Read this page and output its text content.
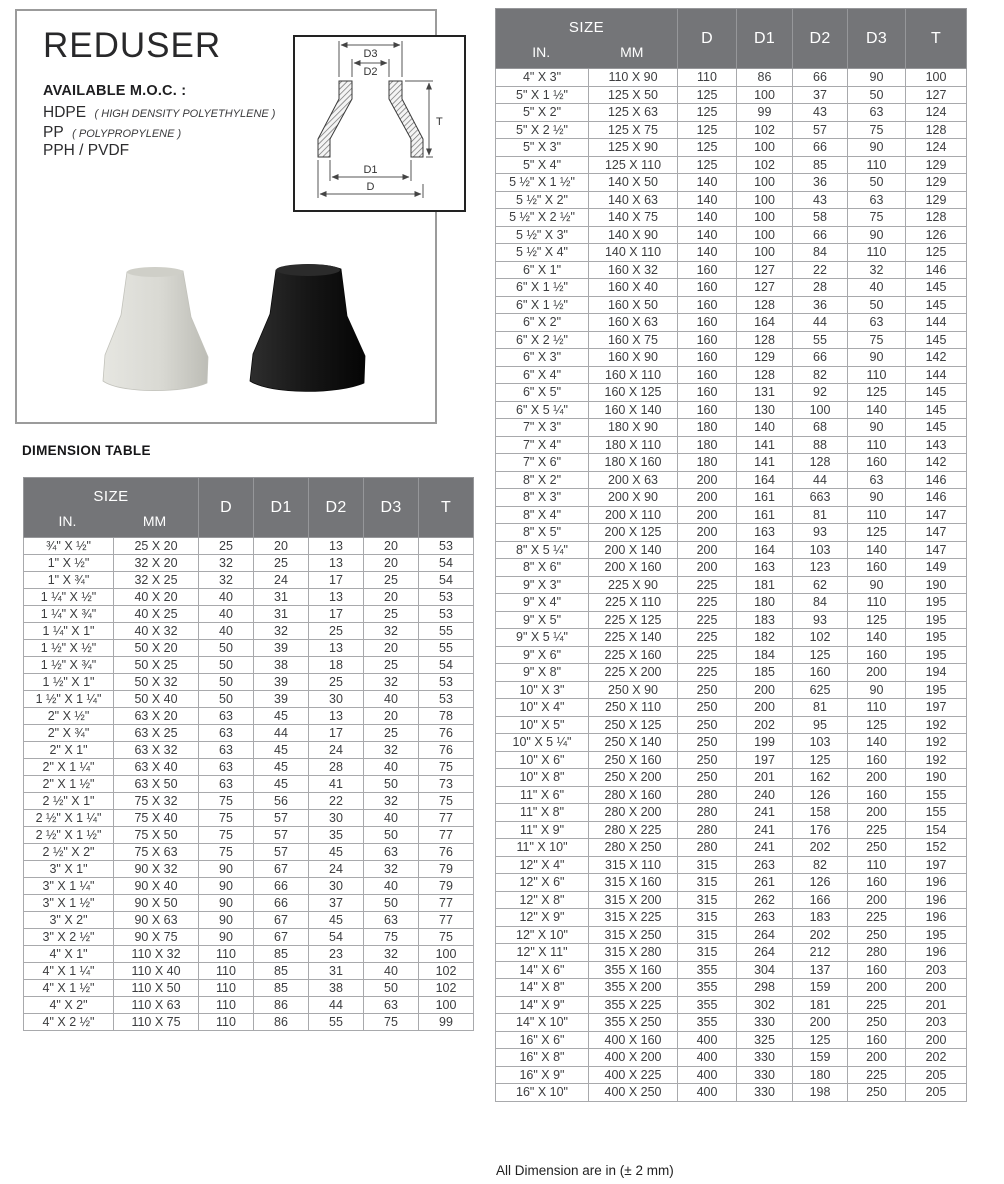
REDUSER
AVAILABLE M.O.C. :
HDPE ( HIGH DENSITY POLYETHYLENE )
PP ( POLYPROPYLENE )
PPH / PVDF
D3
D2
T
D1
D
DIMENSION TABLE
SIZE
IN. MM		D	D1	D2	D3	T
¾" X ½"	25 X 20	25	20	13	20	53
1" X ½"	32 X 20	32	25	13	20	54
1" X ¾"	32 X 25	32	24	17	25	54
1 ¼" X ½"	40 X 20	40	31	13	20	53
1 ¼" X ¾"	40 X 25	40	31	17	25	53
1 ¼" X 1"	40 X 32	40	32	25	32	55
1 ½" X ½"	50 X 20	50	39	13	20	55
1 ½" X ¾"	50 X 25	50	38	18	25	54
1 ½" X 1"	50 X 32	50	39	25	32	53
1 ½" X 1 ¼"	50 X 40	50	39	30	40	53
2" X ½"	63 X 20	63	45	13	20	78
2" X ¾"	63 X 25	63	44	17	25	76
2" X 1"	63 X 32	63	45	24	32	76
2" X 1 ¼"	63 X 40	63	45	28	40	75
2" X 1 ½"	63 X 50	63	45	41	50	73
2 ½" X 1"	75 X 32	75	56	22	32	75
2 ½" X 1 ¼"	75 X 40	75	57	30	40	77
2 ½" X 1 ½"	75 X 50	75	57	35	50	77
2 ½" X 2"	75 X 63	75	57	45	63	76
3" X 1"	90 X 32	90	67	24	32	79
3" X 1 ¼"	90 X 40	90	66	30	40	79
3" X 1 ½"	90 X 50	90	66	37	50	77
3" X 2"	90 X 63	90	67	45	63	77
3" X 2 ½"	90 X 75	90	67	54	75	75
4" X 1"	110 X 32	110	85	23	32	100
4" X 1 ¼"	110 X 40	110	85	31	40	102
4" X 1 ½"	110 X 50	110	85	38	50	102
4" X 2"	110 X 63	110	86	44	63	100
4" X 2 ½"	110 X 75	110	86	55	75	99
SIZE
IN. MM		D	D1	D2	D3	T
4" X 3"	110 X 90	110	86	66	90	100
5" X 1 ½"	125 X 50	125	100	37	50	127
5" X 2"	125 X 63	125	99	43	63	124
5" X 2 ½"	125 X 75	125	102	57	75	128
5" X 3"	125 X 90	125	100	66	90	124
5" X 4"	125 X 110	125	102	85	110	129
5 ½" X 1 ½"	140 X 50	140	100	36	50	129
5 ½" X 2"	140 X 63	140	100	43	63	129
5 ½" X 2 ½"	140 X 75	140	100	58	75	128
5 ½" X 3"	140 X 90	140	100	66	90	126
5 ½" X 4"	140 X 110	140	100	84	110	125
6" X 1"	160 X 32	160	127	22	32	146
6" X 1 ½"	160 X 40	160	127	28	40	145
6" X 1 ½"	160 X 50	160	128	36	50	145
6" X 2"	160 X 63	160	164	44	63	144
6" X 2 ½"	160 X 75	160	128	55	75	145
6" X 3"	160 X 90	160	129	66	90	142
6" X 4"	160 X 110	160	128	82	110	144
6" X 5"	160 X 125	160	131	92	125	145
6" X 5 ¼"	160 X 140	160	130	100	140	145
7" X 3"	180 X 90	180	140	68	90	145
7" X 4"	180 X 110	180	141	88	110	143
7" X 6"	180 X 160	180	141	128	160	142
8" X 2"	200 X 63	200	164	44	63	146
8" X 3"	200 X 90	200	161	663	90	146
8" X 4"	200 X 110	200	161	81	110	147
8" X 5"	200 X 125	200	163	93	125	147
8" X 5 ¼"	200 X 140	200	164	103	140	147
8" X 6"	200 X 160	200	163	123	160	149
9" X 3"	225 X 90	225	181	62	90	190
9" X 4"	225 X 110	225	180	84	110	195
9" X 5"	225 X 125	225	183	93	125	195
9" X 5 ¼"	225 X 140	225	182	102	140	195
9" X 6"	225 X 160	225	184	125	160	195
9" X 8"	225 X 200	225	185	160	200	194
10" X 3"	250 X 90	250	200	625	90	195
10" X 4"	250 X 110	250	200	81	110	197
10" X 5"	250 X 125	250	202	95	125	192
10" X 5 ¼"	250 X 140	250	199	103	140	192
10" X 6"	250 X 160	250	197	125	160	192
10" X 8"	250 X 200	250	201	162	200	190
11" X 6"	280 X 160	280	240	126	160	155
11" X 8"	280 X 200	280	241	158	200	155
11" X 9"	280 X 225	280	241	176	225	154
11" X 10"	280 X 250	280	241	202	250	152
12" X 4"	315 X 110	315	263	82	110	197
12" X 6"	315 X 160	315	261	126	160	196
12" X 8"	315 X 200	315	262	166	200	196
12" X 9"	315 X 225	315	263	183	225	196
12" X 10"	315 X 250	315	264	202	250	195
12" X 11"	315 X 280	315	264	212	280	196
14" X 6"	355 X 160	355	304	137	160	203
14" X 8"	355 X 200	355	298	159	200	200
14" X 9"	355 X 225	355	302	181	225	201
14" X 10"	355 X 250	355	330	200	250	203
16" X 6"	400 X 160	400	325	125	160	200
16" X 8"	400 X 200	400	330	159	200	202
16" X 9"	400 X 225	400	330	180	225	205
16" X 10"	400 X 250	400	330	198	250	205
All Dimension are in (± 2 mm)
